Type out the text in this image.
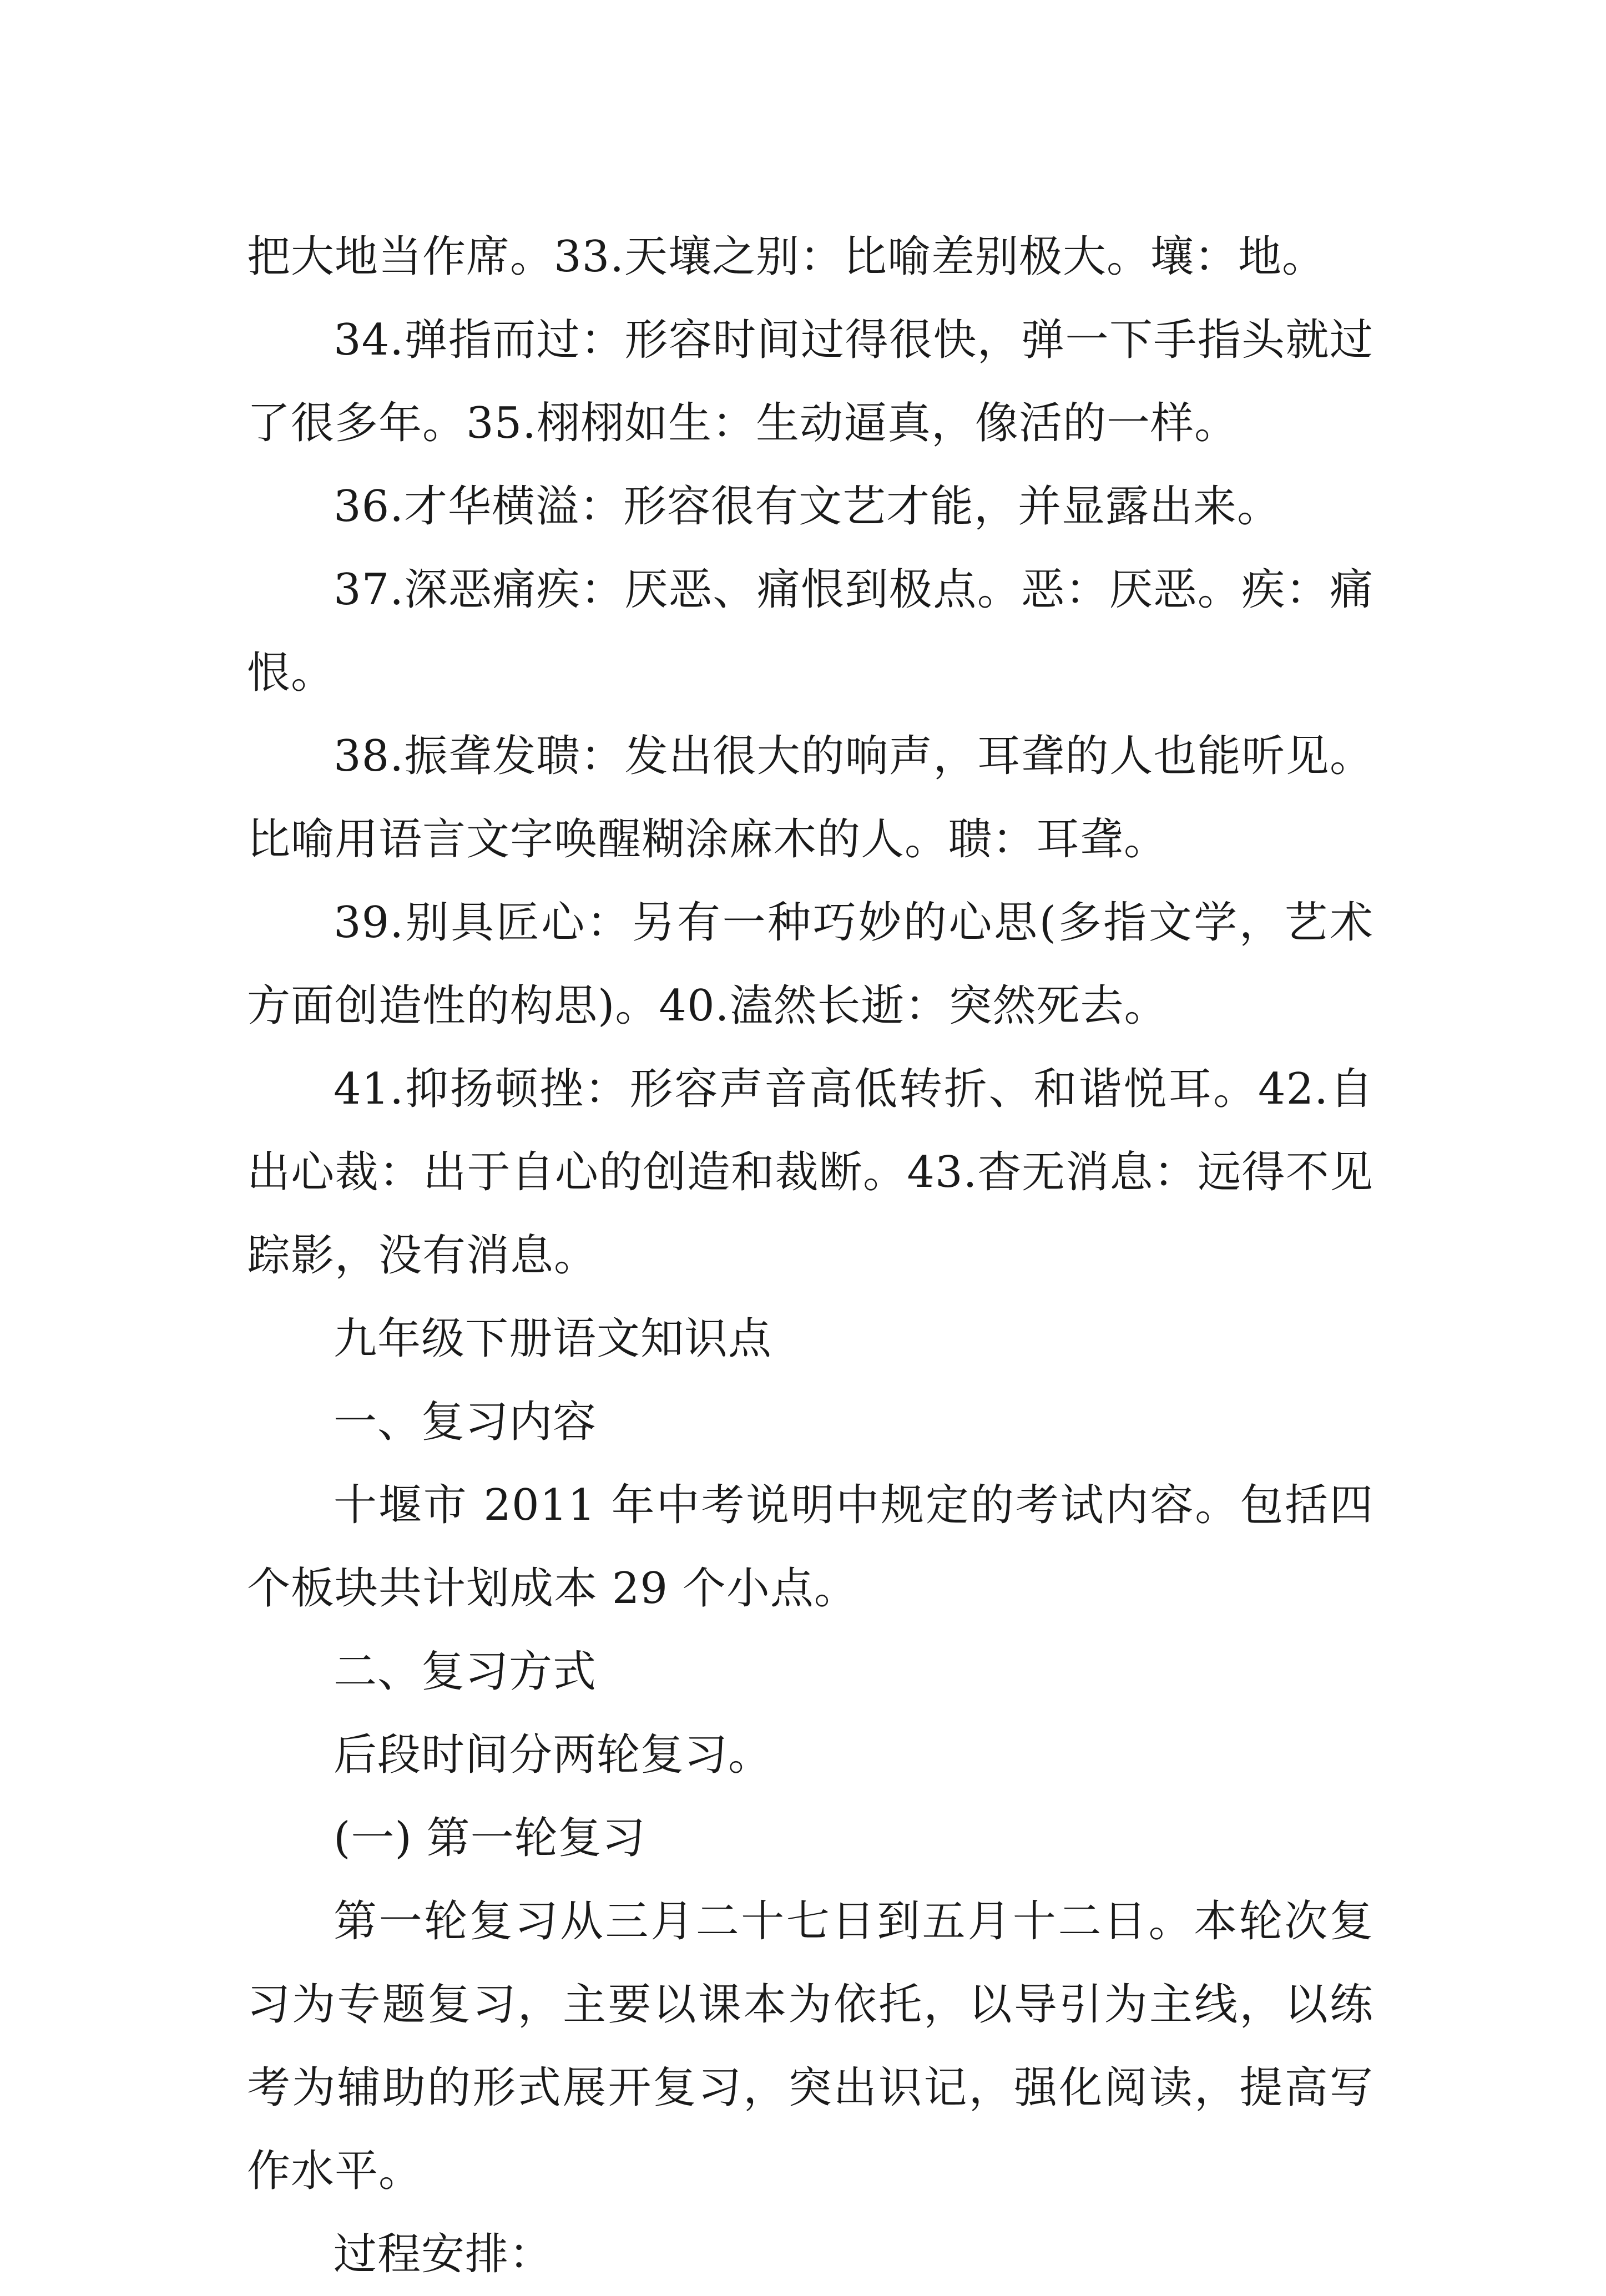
把大地当作席。33.天壤之别：比喻差别极大。壤：地。

34.弹指而过：形容时间过得很快，弹一下手指头就过了很多年。35.栩栩如生：生动逼真，像活的一样。

36.才华横溢：形容很有文艺才能，并显露出来。

37.深恶痛疾：厌恶、痛恨到极点。恶：厌恶。疾：痛恨。

38.振聋发聩：发出很大的响声，耳聋的人也能听见。比喻用语言文字唤醒糊涂麻木的人。聩：耳聋。

39.别具匠心：另有一种巧妙的心思(多指文学，艺术方面创造性的构思)。40.溘然长逝：突然死去。

41.抑扬顿挫：形容声音高低转折、和谐悦耳。42.自出心裁：出于自心的创造和裁断。43.杳无消息：远得不见踪影，没有消息。

九年级下册语文知识点

一、复习内容

十堰市 2011 年中考说明中规定的考试内容。包括四个板块共计划成本 29 个小点。

二、复习方式

后段时间分两轮复习。

(一) 第一轮复习

第一轮复习从三月二十七日到五月十二日。本轮次复习为专题复习，主要以课本为依托，以导引为主线，以练考为辅助的形式展开复习，突出识记，强化阅读，提高写作水平。

过程安排：
